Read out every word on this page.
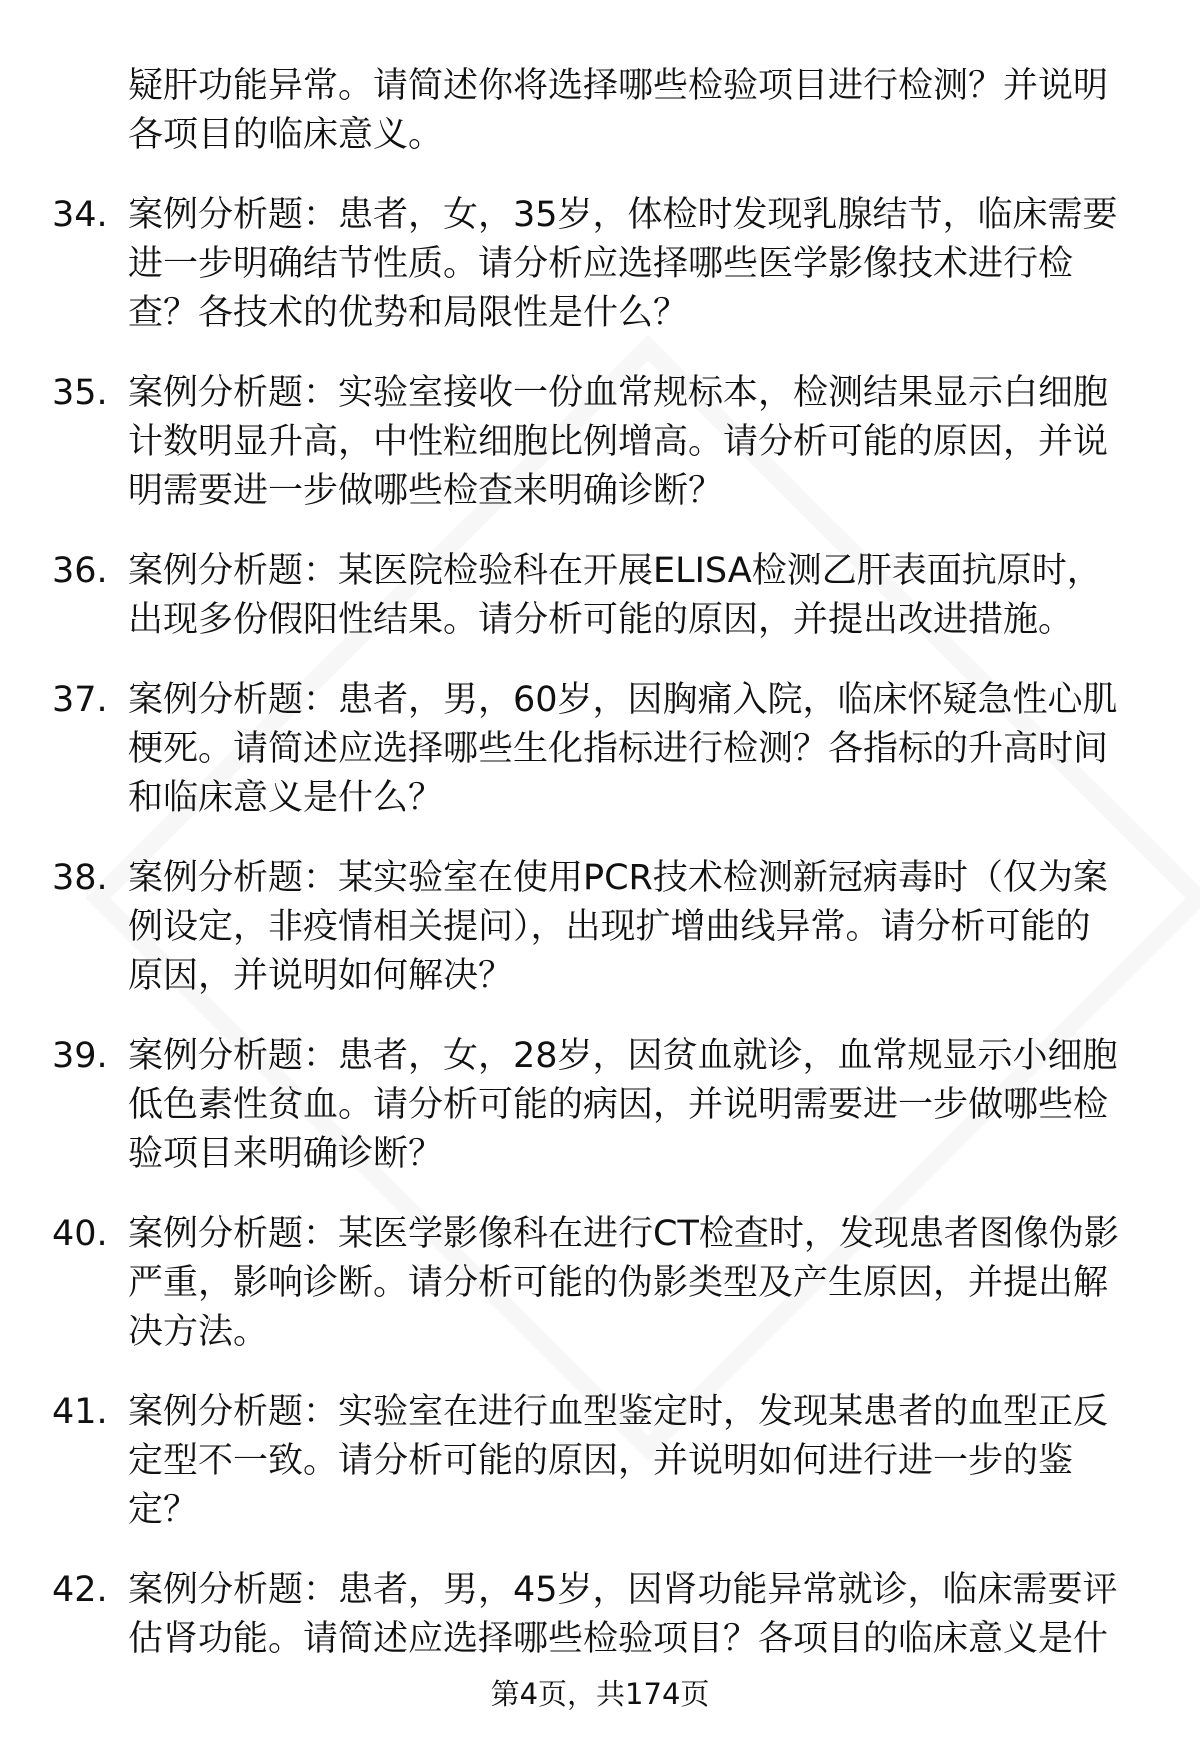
疑肝功能异常。请简述你将选择哪些检验项目进行检测？并说明
各项目的临床意义。
34. 案例分析题：患者，女，35岁，体检时发现乳腺结节，临床需要
进一步明确结节性质。请分析应选择哪些医学影像技术进行检
查？各技术的优势和局限性是什么？
35. 案例分析题：实验室接收一份血常规标本，检测结果显示白细胞
计数明显升高，中性粒细胞比例增高。请分析可能的原因，并说
明需要进一步做哪些检查来明确诊断？
36. 案例分析题：某医院检验科在开展ELISA检测乙肝表面抗原时，
出现多份假阳性结果。请分析可能的原因，并提出改进措施。
37. 案例分析题：患者，男，60岁，因胸痛入院，临床怀疑急性心肌
梗死。请简述应选择哪些生化指标进行检测？各指标的升高时间
和临床意义是什么？
38. 案例分析题：某实验室在使用PCR技术检测新冠病毒时（仅为案
例设定，非疫情相关提问），出现扩增曲线异常。请分析可能的
原因，并说明如何解决？
39. 案例分析题：患者，女，28岁，因贫血就诊，血常规显示小细胞
低色素性贫血。请分析可能的病因，并说明需要进一步做哪些检
验项目来明确诊断？
40. 案例分析题：某医学影像科在进行CT检查时，发现患者图像伪影
严重，影响诊断。请分析可能的伪影类型及产生原因，并提出解
决方法。
41. 案例分析题：实验室在进行血型鉴定时，发现某患者的血型正反
定型不一致。请分析可能的原因，并说明如何进行进一步的鉴
定？
42. 案例分析题：患者，男，45岁，因肾功能异常就诊，临床需要评
估肾功能。请简述应选择哪些检验项目？各项目的临床意义是什
第4页，共174页
